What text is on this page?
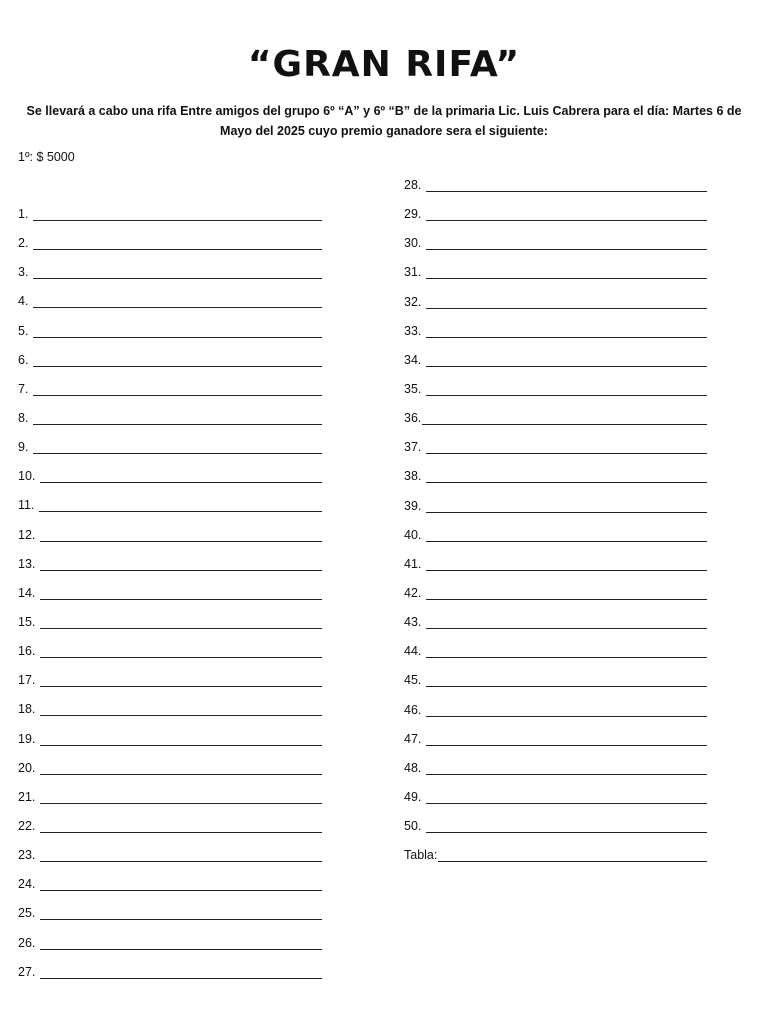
“GRAN RIFA”
Se llevará a cabo una rifa Entre amigos del grupo 6º “A” y 6º “B” de la primaria Lic. Luis Cabrera para el día: Martes 6 de Mayo del 2025 cuyo premio ganadore sera el siguiente:
1º: $ 5000
1.
2.
3.
4.
5.
6.
7.
8.
9.
10.
11.
12.
13.
14.
15.
16.
17.
18.
19.
20.
21.
22.
23.
24.
25.
26.
27.
28.
29.
30.
31.
32.
33.
34.
35.
36.
37.
38.
39.
40.
41.
42.
43.
44.
45.
46.
47.
48.
49.
50.
Tabla:
